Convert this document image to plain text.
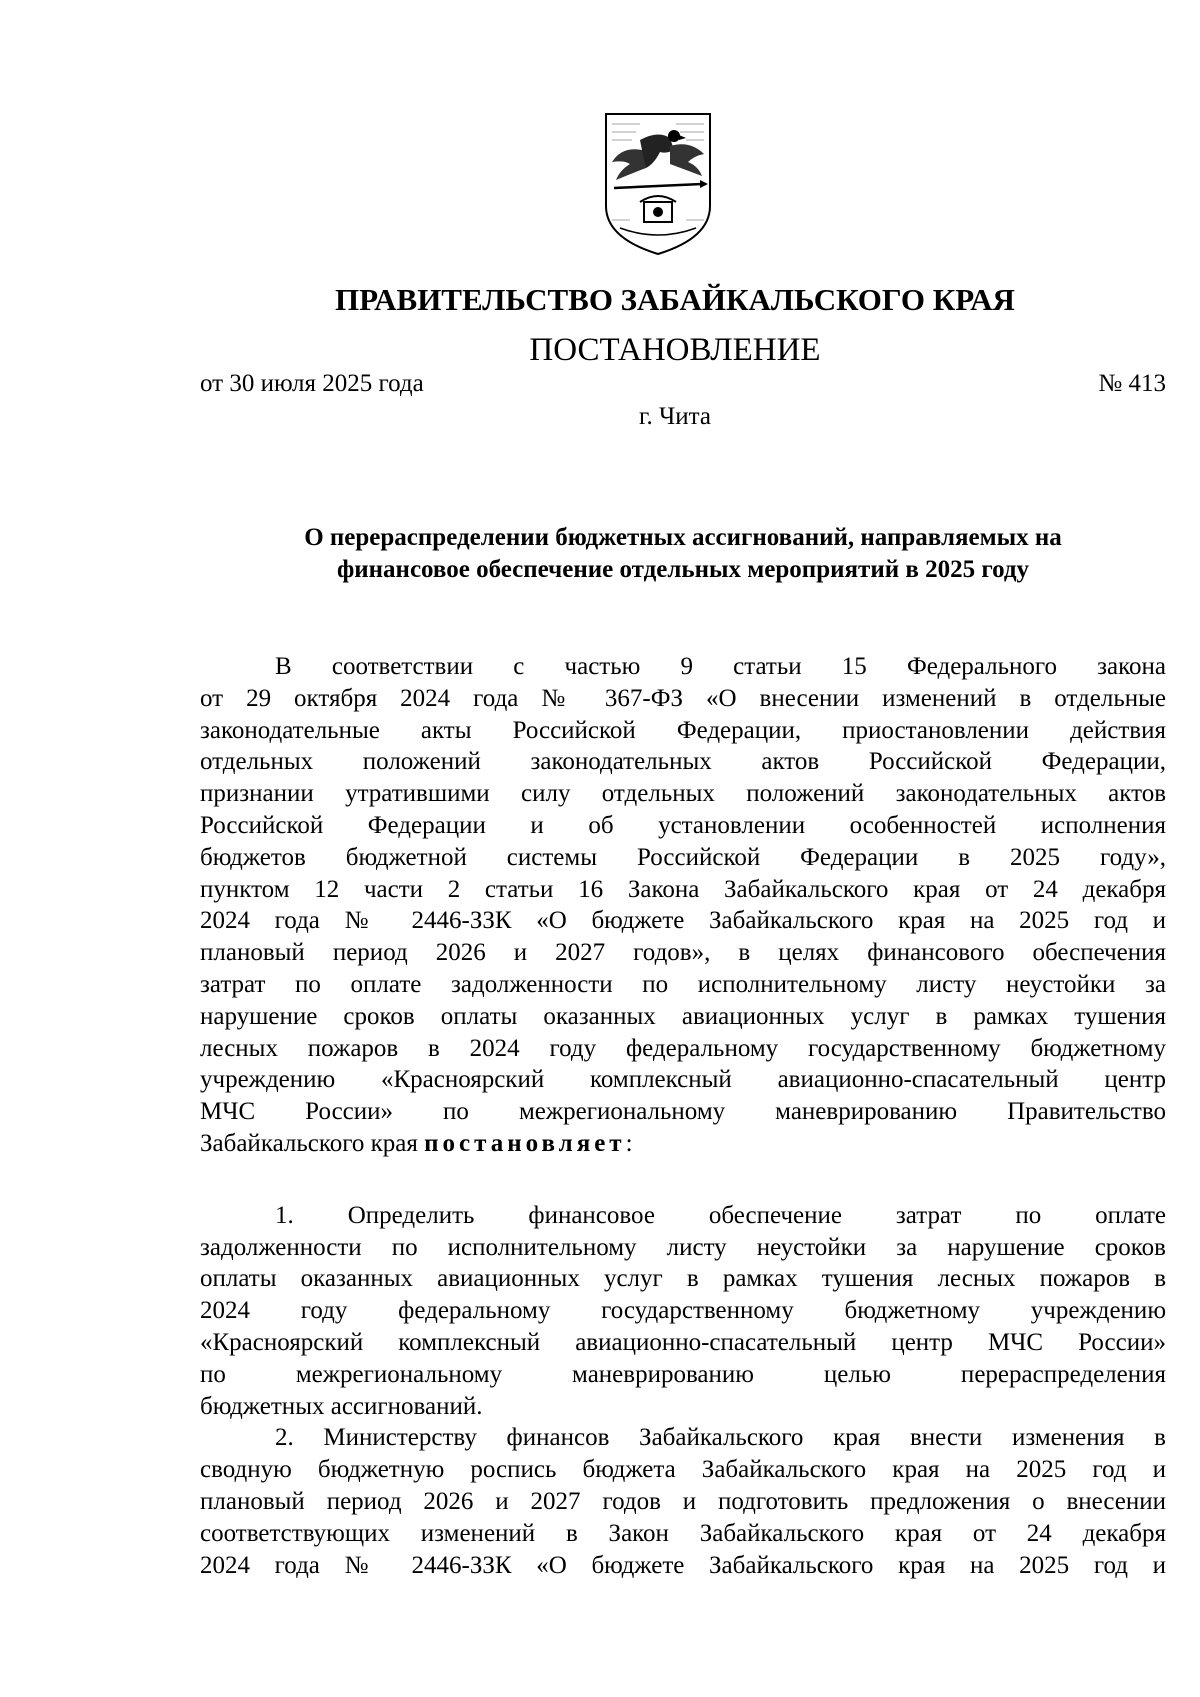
ПРАВИТЕЛЬСТВО ЗАБАЙКАЛЬСКОГО КРАЯ
ПОСТАНОВЛЕНИЕ
от 30 июля 2025 года	№ 413
г. Чита
О перераспределении бюджетных ассигнований, направляемых на
финансовое обеспечение отдельных мероприятий в 2025 году
В соответствии с частью 9 статьи 15 Федерального закона
от 29 октября 2024 года № 367-ФЗ «О внесении изменений в отдельные
законодательные акты Российской Федерации, приостановлении действия
отдельных положений законодательных актов Российской Федерации,
признании утратившими силу отдельных положений законодательных актов
Российской Федерации и об установлении особенностей исполнения
бюджетов бюджетной системы Российской Федерации в 2025 году»,
пунктом 12 части 2 статьи 16 Закона Забайкальского края от 24 декабря
2024 года № 2446-ЗЗК «О бюджете Забайкальского края на 2025 год и
плановый период 2026 и 2027 годов», в целях финансового обеспечения
затрат по оплате задолженности по исполнительному листу неустойки за
нарушение сроков оплаты оказанных авиационных услуг в рамках тушения
лесных пожаров в 2024 году федеральному государственному бюджетному
учреждению «Красноярский комплексный авиационно-спасательный центр
МЧС России» по межрегиональному маневрированию Правительство
Забайкальского края постановляет:
1. Определить финансовое обеспечение затрат по оплате
задолженности по исполнительному листу неустойки за нарушение сроков
оплаты оказанных авиационных услуг в рамках тушения лесных пожаров в
2024 году федеральному государственному бюджетному учреждению
«Красноярский комплексный авиационно-спасательный центр МЧС России»
по межрегиональному маневрированию целью перераспределения
бюджетных ассигнований.
2. Министерству финансов Забайкальского края внести изменения в
сводную бюджетную роспись бюджета Забайкальского края на 2025 год и
плановый период 2026 и 2027 годов и подготовить предложения о внесении
соответствующих изменений в Закон Забайкальского края от 24 декабря
2024 года № 2446-ЗЗК «О бюджете Забайкальского края на 2025 год и
